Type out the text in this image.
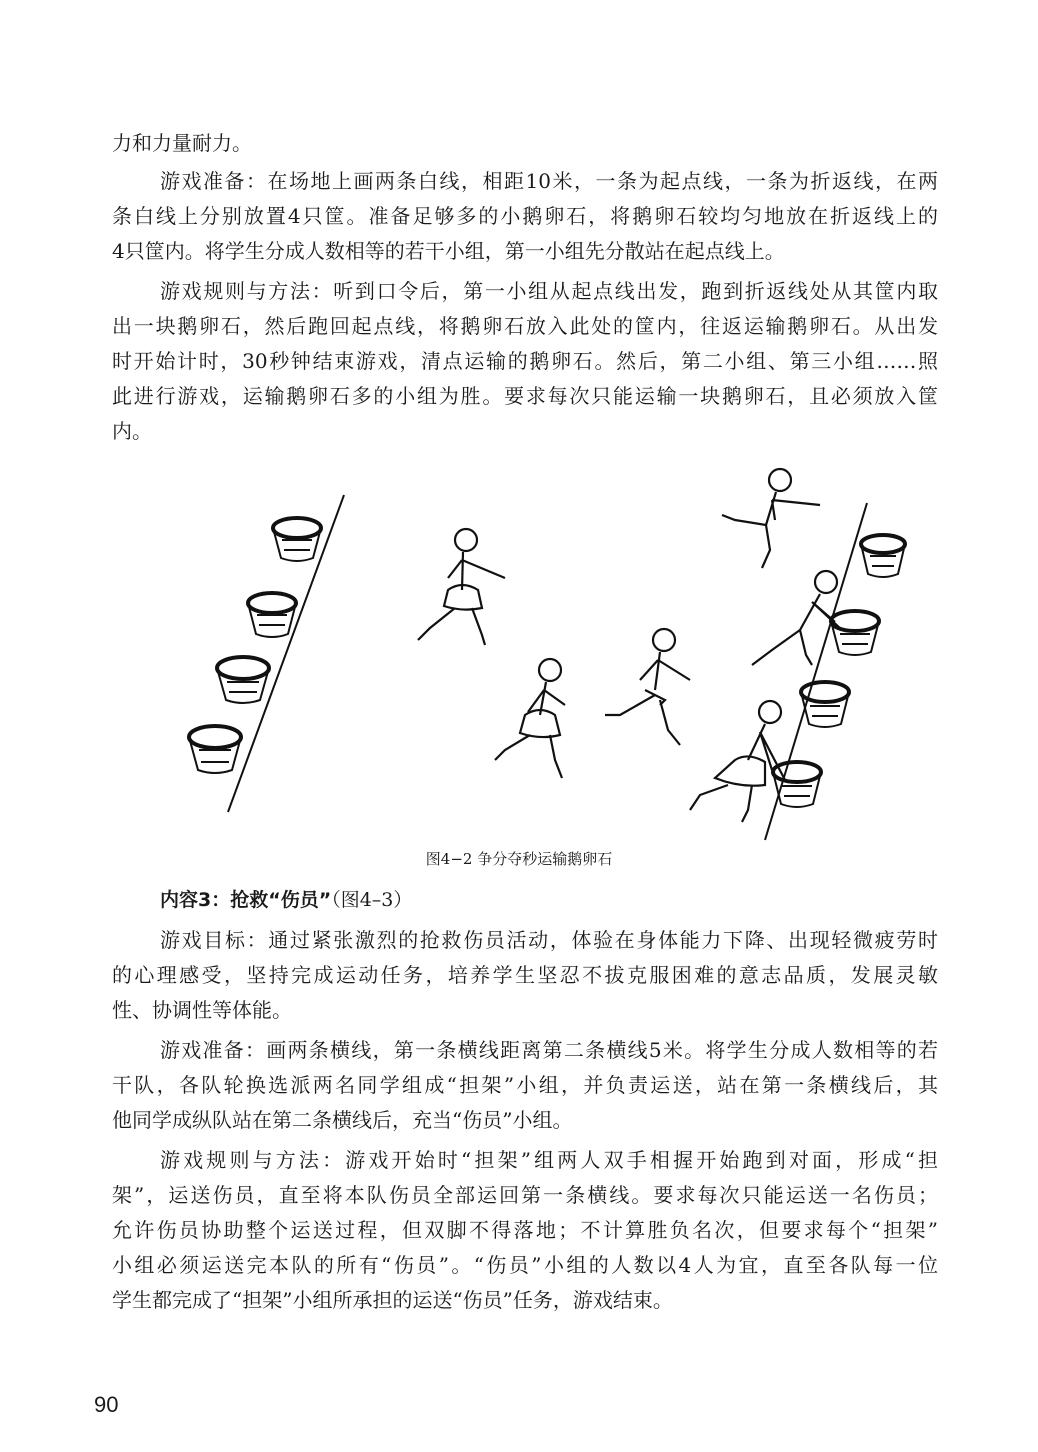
力和力量耐力。
游戏准备：在场地上画两条白线，相距10米，一条为起点线，一条为折返线，在两
条白线上分别放置4只筐。准备足够多的小鹅卵石，将鹅卵石较均匀地放在折返线上的
4只筐内。将学生分成人数相等的若干小组，第一小组先分散站在起点线上。
游戏规则与方法：听到口令后，第一小组从起点线出发，跑到折返线处从其筐内取
出一块鹅卵石，然后跑回起点线，将鹅卵石放入此处的筐内，往返运输鹅卵石。从出发
时开始计时，30秒钟结束游戏，清点运输的鹅卵石。然后，第二小组、第三小组……照
此进行游戏，运输鹅卵石多的小组为胜。要求每次只能运输一块鹅卵石，且必须放入筐
内。
图4−2 争分夺秒运输鹅卵石
内容3：抢救“伤员”（图4–3）
游戏目标：通过紧张激烈的抢救伤员活动，体验在身体能力下降、出现轻微疲劳时
的心理感受，坚持完成运动任务，培养学生坚忍不拔克服困难的意志品质，发展灵敏
性、协调性等体能。
游戏准备：画两条横线，第一条横线距离第二条横线5米。将学生分成人数相等的若
干队，各队轮换选派两名同学组成“担架”小组，并负责运送，站在第一条横线后，其
他同学成纵队站在第二条横线后，充当“伤员”小组。
游戏规则与方法：游戏开始时“担架”组两人双手相握开始跑到对面，形成“担
架”，运送伤员，直至将本队伤员全部运回第一条横线。要求每次只能运送一名伤员；
允许伤员协助整个运送过程，但双脚不得落地；不计算胜负名次，但要求每个“担架”
小组必须运送完本队的所有“伤员”。“伤员”小组的人数以4人为宜，直至各队每一位
学生都完成了“担架”小组所承担的运送“伤员”任务，游戏结束。
90
